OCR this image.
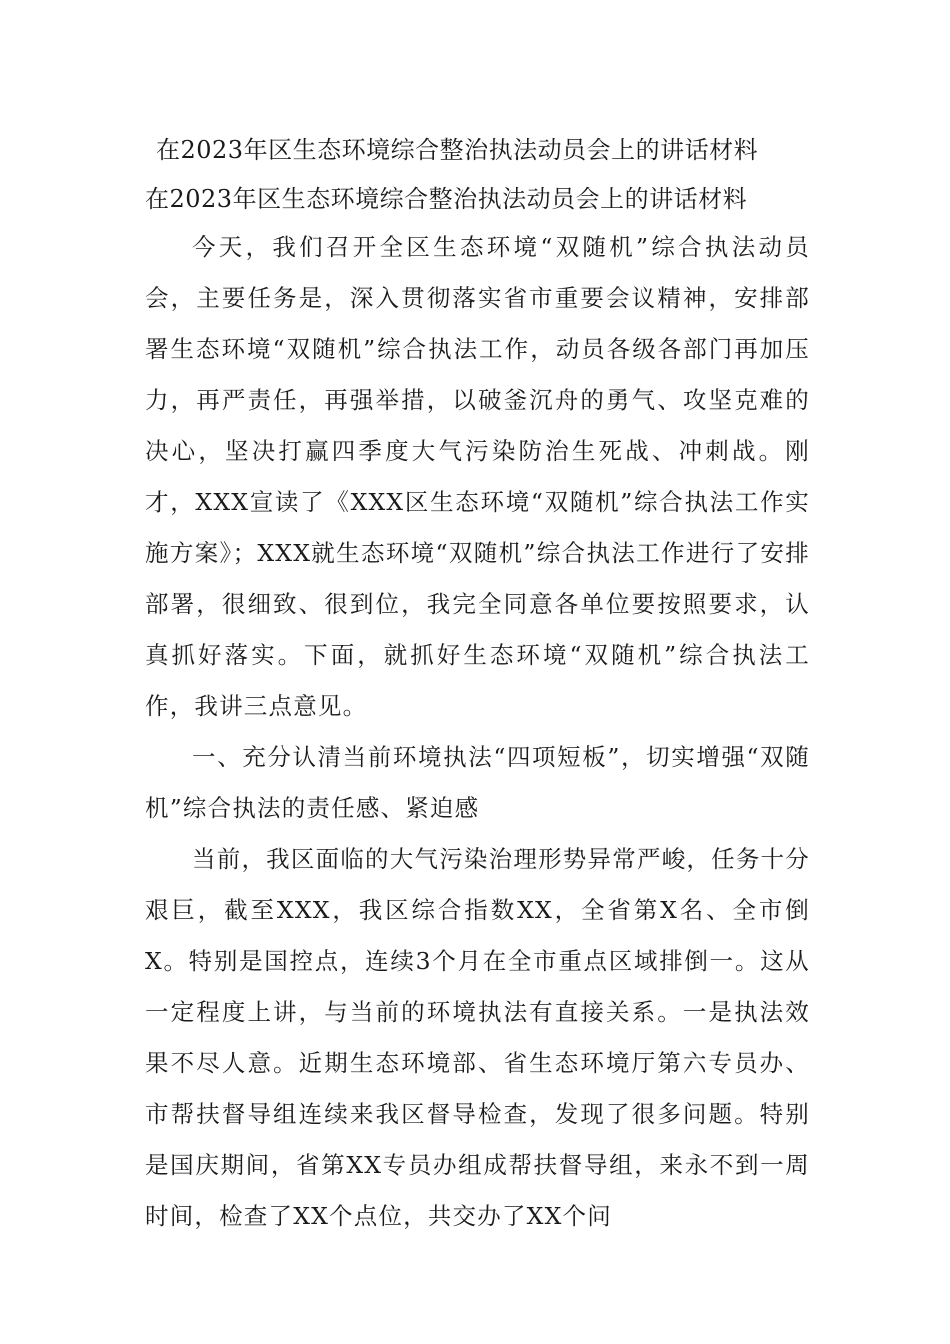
在2023年区生态环境综合整治执法动员会上的讲话材料
在2023年区生态环境综合整治执法动员会上的讲话材料

今天，我们召开全区生态环境“双随机”综合执法动员会，主要任务是，深入贯彻落实省市重要会议精神，安排部署生态环境“双随机”综合执法工作，动员各级各部门再加压力，再严责任，再强举措，以破釜沉舟的勇气、攻坚克难的决心，坚决打赢四季度大气污染防治生死战、冲刺战。刚才，XXX宣读了《XXX区生态环境“双随机”综合执法工作实施方案》；XXX就生态环境“双随机”综合执法工作进行了安排部署，很细致、很到位，我完全同意各单位要按照要求，认真抓好落实。下面，就抓好生态环境“双随机”综合执法工作，我讲三点意见。

一、充分认清当前环境执法“四项短板”，切实增强“双随机”综合执法的责任感、紧迫感

当前，我区面临的大气污染治理形势异常严峻，任务十分艰巨，截至XXX，我区综合指数XX，全省第X名、全市倒X。特别是国控点，连续3个月在全市重点区域排倒一。这从一定程度上讲，与当前的环境执法有直接关系。一是执法效果不尽人意。近期生态环境部、省生态环境厅第六专员办、市帮扶督导组连续来我区督导检查，发现了很多问题。特别是国庆期间，省第XX专员办组成帮扶督导组，来永不到一周时间，检查了XX个点位，共交办了XX个问
